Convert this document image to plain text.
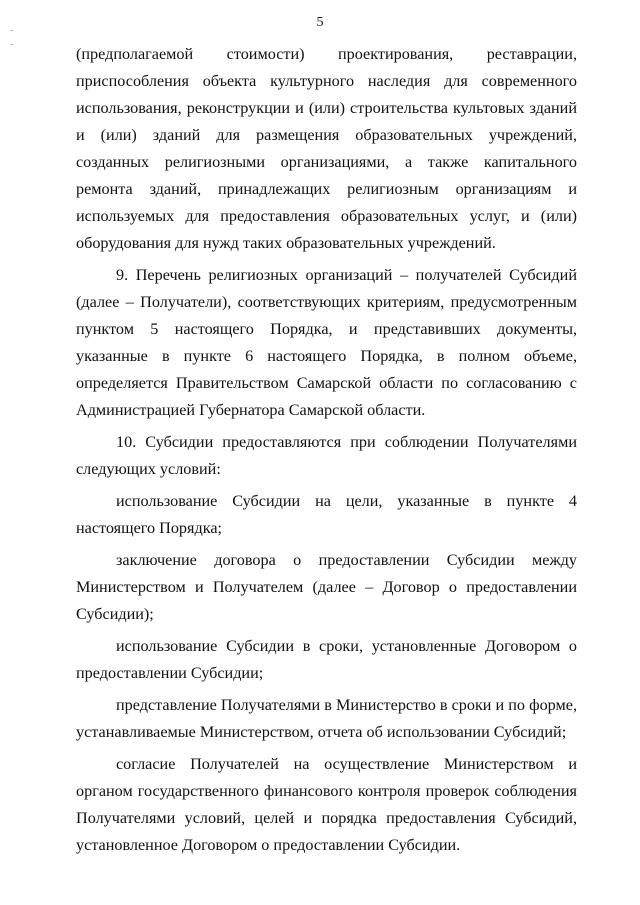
5

(предполагаемой стоимости) проектирования, реставрации, приспособления объекта культурного наследия для современного использования, реконструкции и (или) строительства культовых зданий и (или) зданий для размещения образовательных учреждений, созданных религиозными организациями, а также капитального ремонта зданий, принадлежащих религиозным организациям и используемых для предоставления образовательных услуг, и (или) оборудования для нужд таких образовательных учреждений.

9. Перечень религиозных организаций – получателей Субсидий (далее – Получатели), соответствующих критериям, предусмотренным пунктом 5 настоящего Порядка, и представивших документы, указанные в пункте 6 настоящего Порядка, в полном объеме, определяется Правительством Самарской области по согласованию с Администрацией Губернатора Самарской области.

10. Субсидии предоставляются при соблюдении Получателями следующих условий:

использование Субсидии на цели, указанные в пункте 4 настоящего Порядка;

заключение договора о предоставлении Субсидии между Министерством и Получателем (далее – Договор о предоставлении Субсидии);

использование Субсидии в сроки, установленные Договором о предоставлении Субсидии;

представление Получателями в Министерство в сроки и по форме, устанавливаемые Министерством, отчета об использовании Субсидий;

согласие Получателей на осуществление Министерством и органом государственного финансового контроля проверок соблюдения Получателями условий, целей и порядка предоставления Субсидий, установленное Договором о предоставлении Субсидии.
